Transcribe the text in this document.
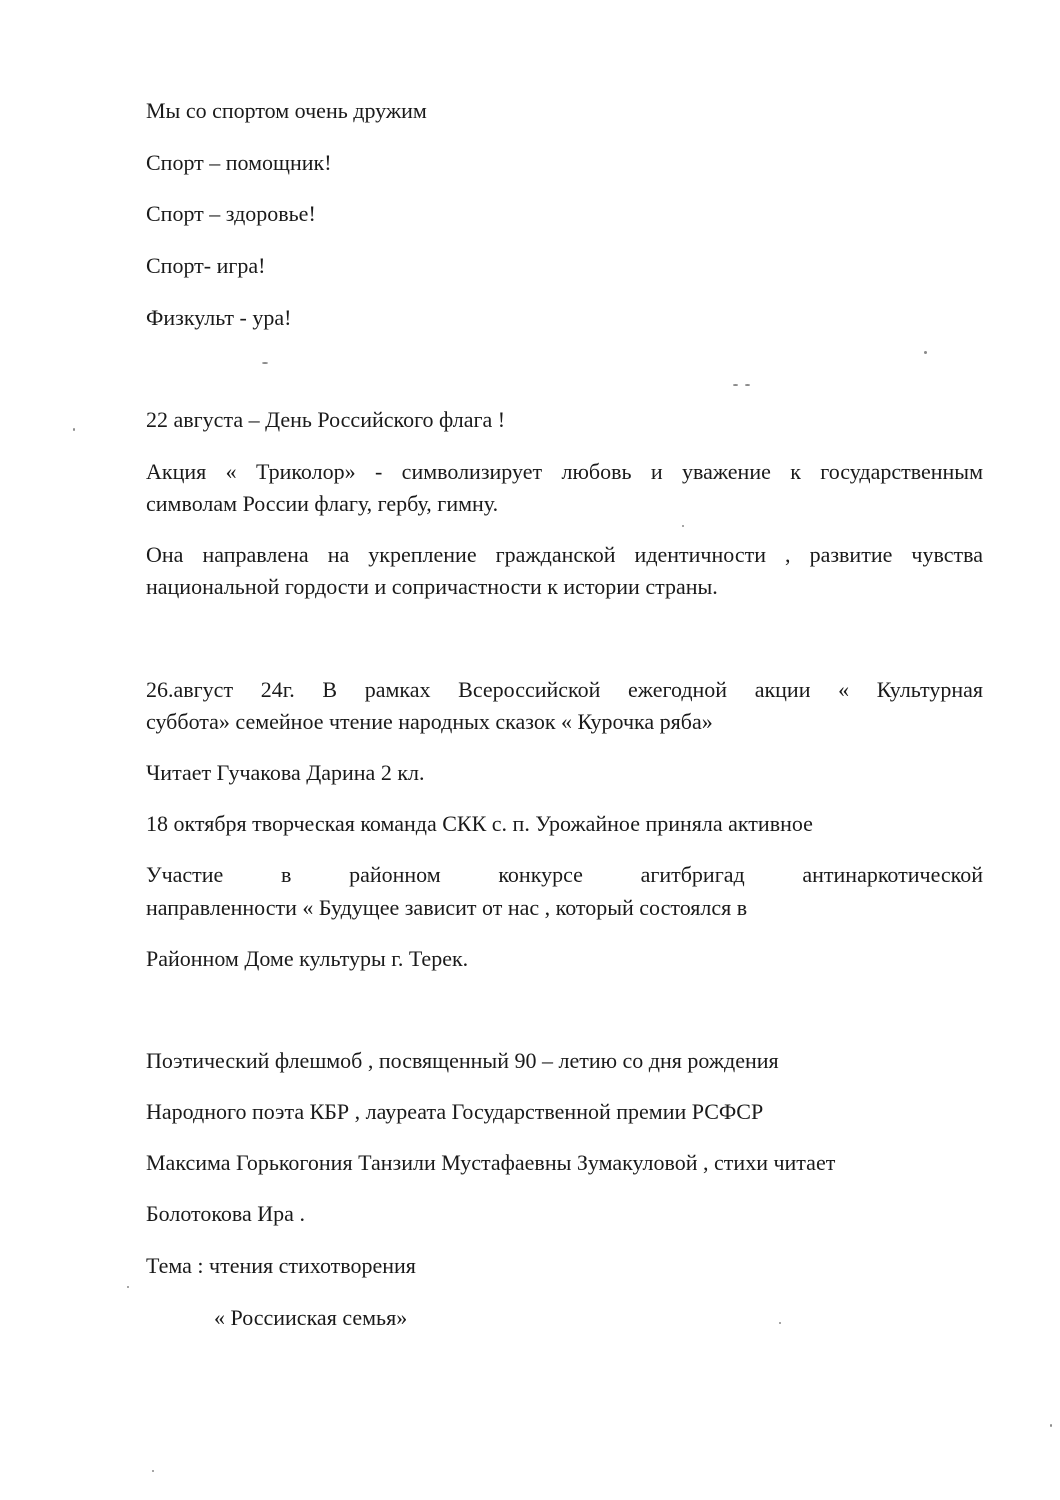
Мы со спортом очень дружим
Спорт – помощник!
Спорт – здоровье!
Спорт- игра!
Физкульт - ура!
22 августа – День Российского флага !
Акция « Триколор» - символизирует любовь и уважение к государственным
символам России флагу, гербу, гимну.
Она направлена на укрепление гражданской идентичности , развитие чувства
национальной гордости и сопричастности к истории страны.
26.август 24г. В рамках Всероссийской ежегодной акции « Культурная
суббота» семейное чтение народных сказок « Курочка ряба»
Читает Гучакова Дарина 2 кл.
18 октября творческая команда СКК с. п. Урожайное приняла активное
Участие в районном конкурсе агитбригад антинаркотической
направленности « Будущее зависит от нас , который состоялся в
Районном Доме культуры г. Терек.
Поэтический флешмоб , посвященный 90 – летию со дня рождения
Народного поэта КБР , лауреата Государственной премии РСФСР
Максима Горькогония Танзили Мустафаевны Зумакуловой , стихи читает
Болотокова Ира .
Тема : чтения стихотворения
« Россииская семья»
